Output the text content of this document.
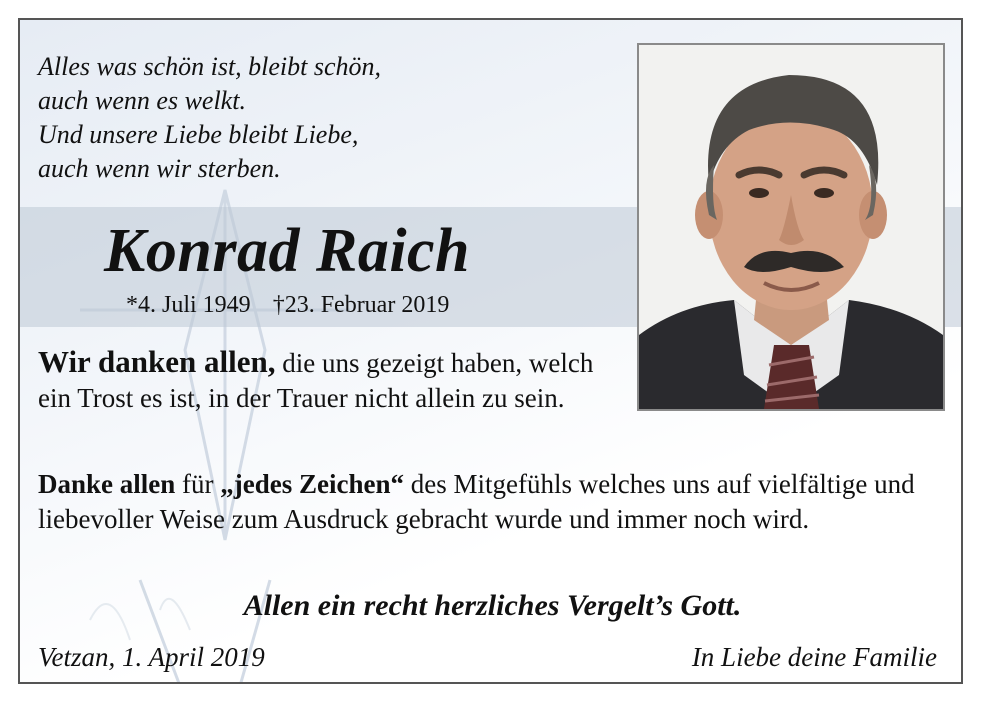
Alles was schön ist, bleibt schön,
auch wenn es welkt.
Und unsere Liebe bleibt Liebe,
auch wenn wir sterben.
Konrad Raich
*4. Juli 1949 †23. Februar 2019
Wir danken allen, die uns gezeigt haben, welch ein Trost es ist, in der Trauer nicht allein zu sein.
Danke allen für „jedes Zeichen“ des Mitgefühls welches uns auf vielfältige und liebevoller Weise zum Ausdruck gebracht wurde und immer noch wird.
Allen ein recht herzliches Vergelt’s Gott.
Vetzan, 1. April 2019	In Liebe deine Familie
